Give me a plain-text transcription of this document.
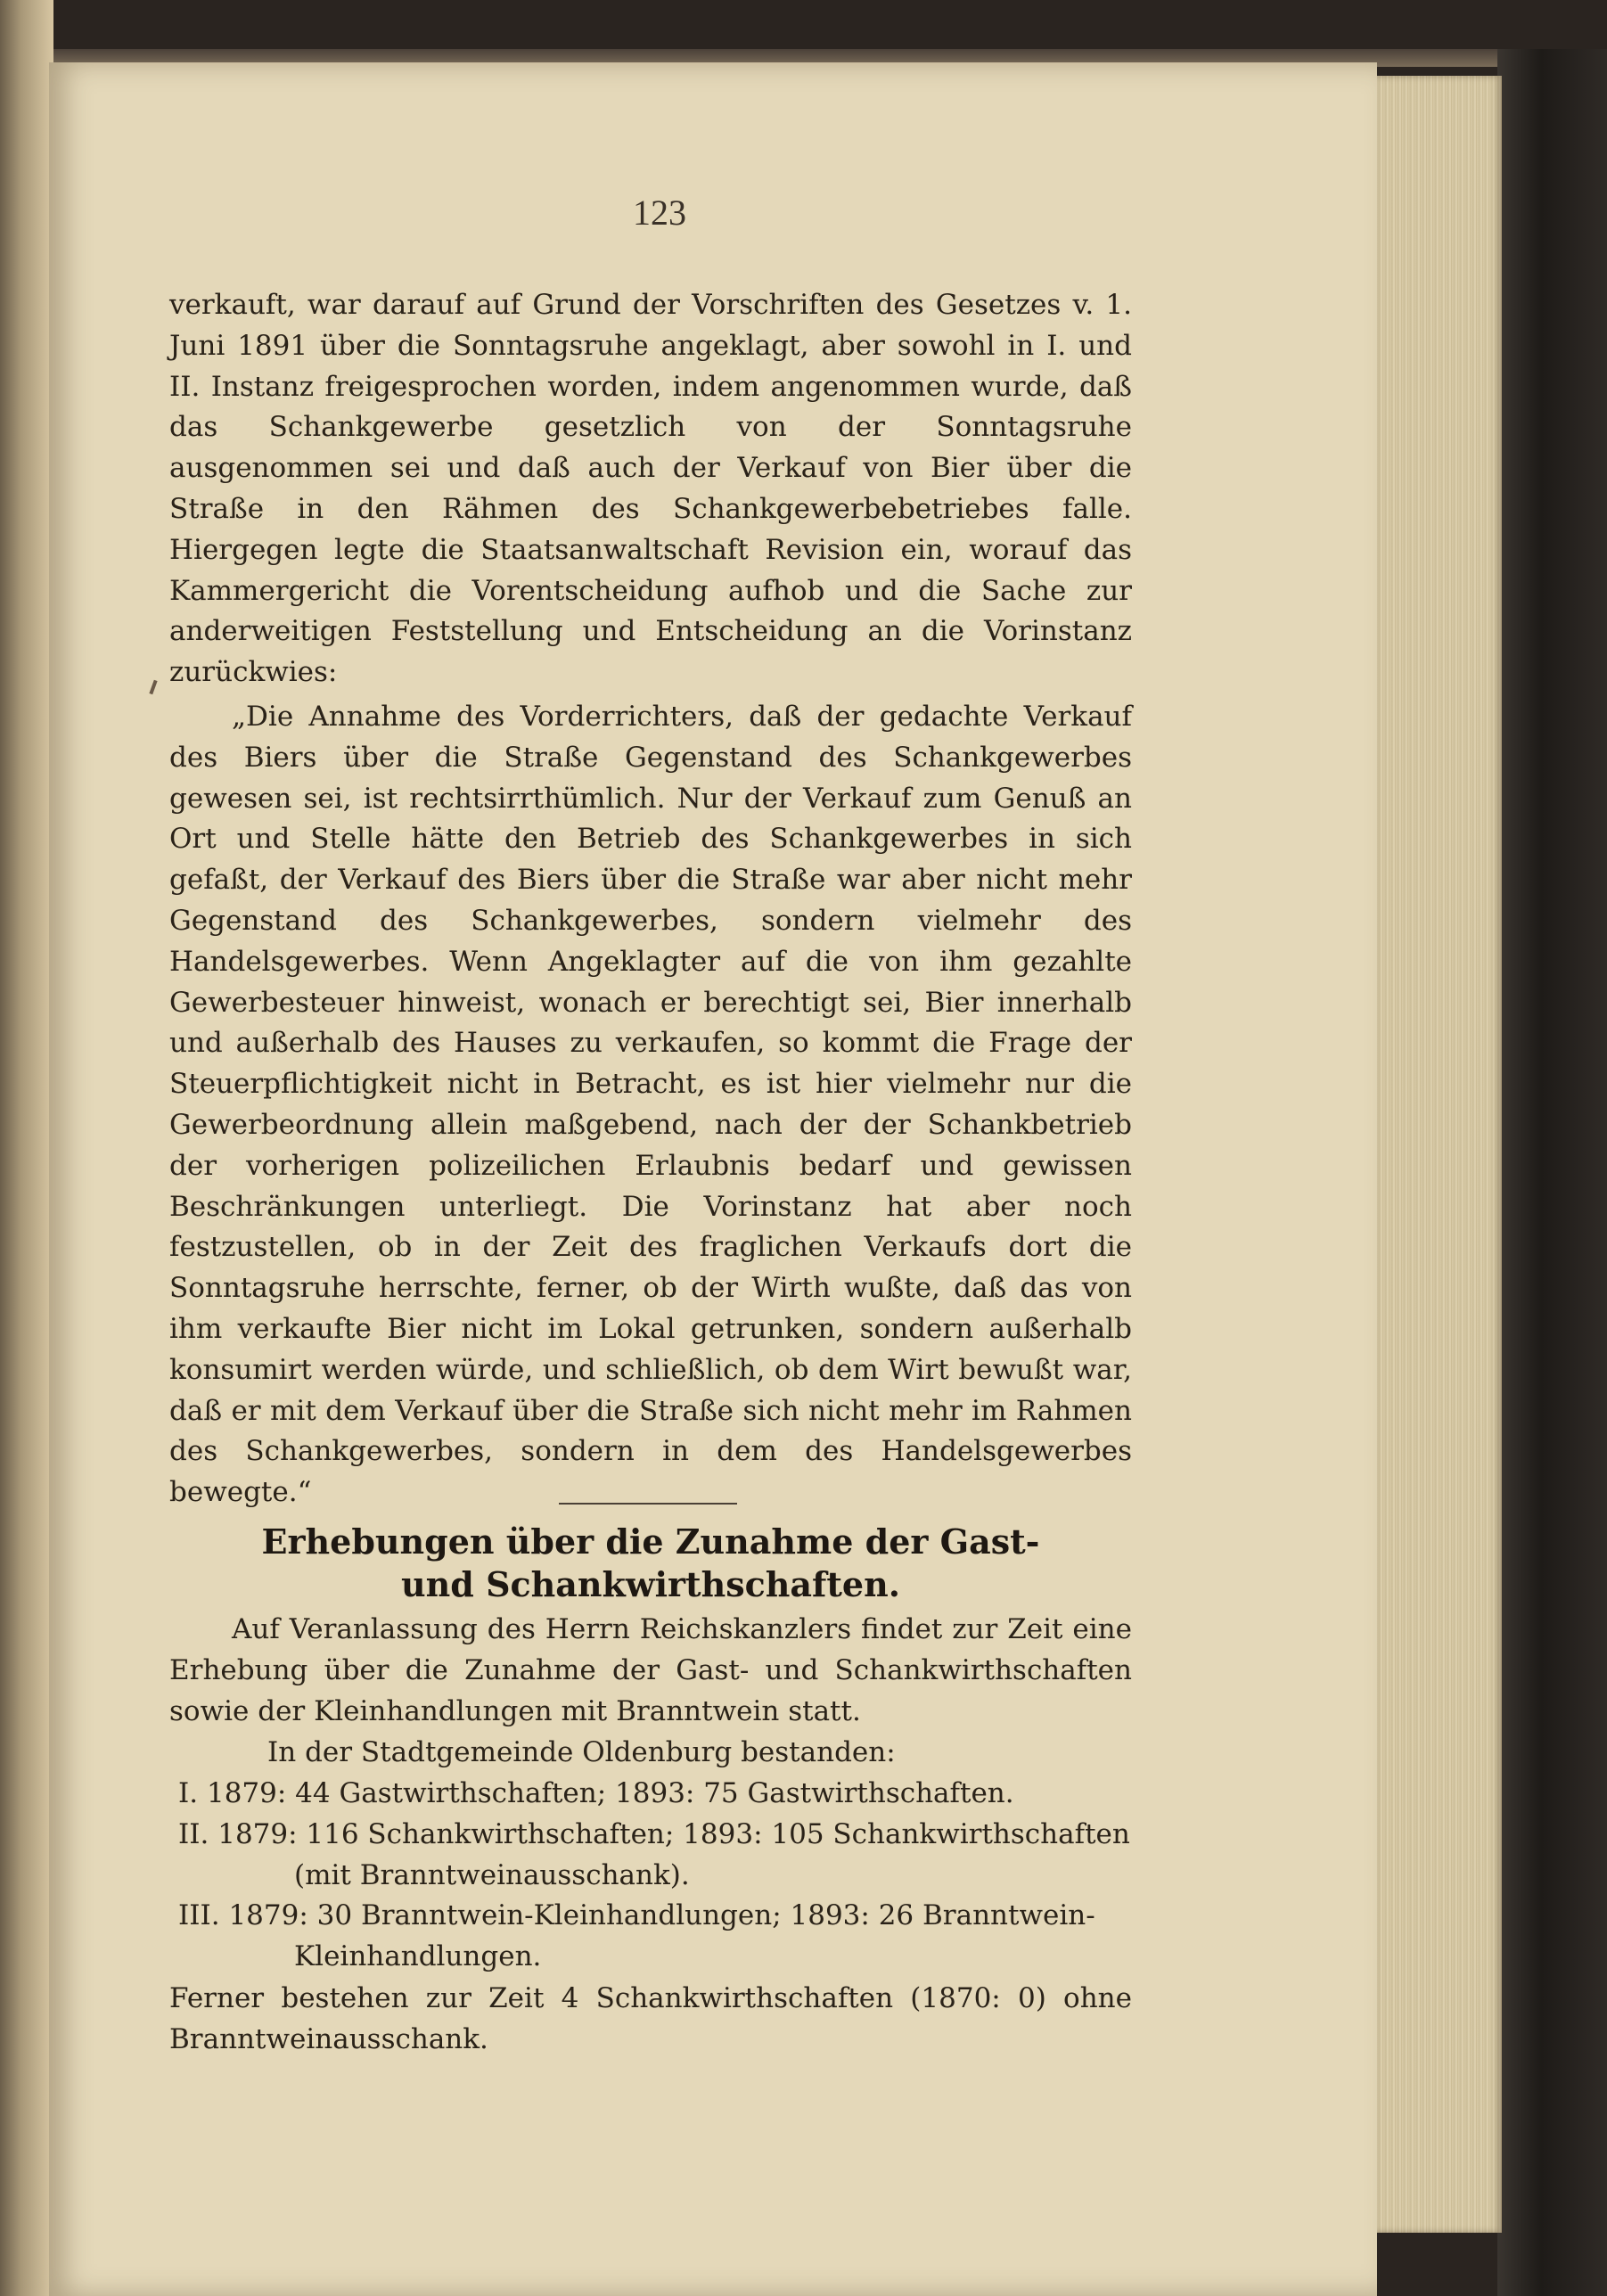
123
verkauft, war darauf auf Grund der Vorschriften des Gesetzes v. 1. Juni 1891 über die Sonntagsruhe angeklagt, aber sowohl in I. und II. Instanz freigesprochen worden, indem angenommen wurde, daß das Schankgewerbe gesetzlich von der Sonntagsruhe ausgenommen sei und daß auch der Verkauf von Bier über die Straße in den Rähmen des Schankgewerbebetriebes falle. Hiergegen legte die Staatsanwaltschaft Revision ein, worauf das Kammergericht die Vorentscheidung aufhob und die Sache zur anderweitigen Feststellung und Entscheidung an die Vorinstanz zurückwies:
„Die Annahme des Vorderrichters, daß der gedachte Verkauf des Biers über die Straße Gegenstand des Schankgewerbes gewesen sei, ist rechtsirrthümlich. Nur der Verkauf zum Genuß an Ort und Stelle hätte den Betrieb des Schankgewerbes in sich gefaßt, der Verkauf des Biers über die Straße war aber nicht mehr Gegenstand des Schankgewerbes, sondern vielmehr des Handelsgewerbes. Wenn Angeklagter auf die von ihm gezahlte Gewerbesteuer hinweist, wonach er berechtigt sei, Bier innerhalb und außerhalb des Hauses zu verkaufen, so kommt die Frage der Steuerpflichtigkeit nicht in Betracht, es ist hier vielmehr nur die Gewerbeordnung allein maßgebend, nach der der Schankbetrieb der vorherigen polizeilichen Erlaubnis bedarf und gewissen Beschränkungen unterliegt. Die Vorinstanz hat aber noch festzustellen, ob in der Zeit des fraglichen Verkaufs dort die Sonntagsruhe herrschte, ferner, ob der Wirth wußte, daß das von ihm verkaufte Bier nicht im Lokal getrunken, sondern außerhalb konsumirt werden würde, und schließlich, ob dem Wirt bewußt war, daß er mit dem Verkauf über die Straße sich nicht mehr im Rahmen des Schankgewerbes, sondern in dem des Handelsgewerbes bewegte.“
Erhebungen über die Zunahme der Gast-
und Schankwirthschaften.
Auf Veranlassung des Herrn Reichskanzlers findet zur Zeit eine Erhebung über die Zunahme der Gast- und Schankwirthschaften sowie der Kleinhandlungen mit Branntwein statt.
In der Stadtgemeinde Oldenburg bestanden:
I. 1879: 44 Gastwirthschaften; 1893: 75 Gastwirthschaften.
II. 1879: 116 Schankwirthschaften; 1893: 105 Schankwirthschaften (mit Branntweinausschank).
III. 1879: 30 Branntwein-Kleinhandlungen; 1893: 26 Branntwein-Kleinhandlungen.
Ferner bestehen zur Zeit 4 Schankwirthschaften (1870: 0) ohne Branntweinausschank.
